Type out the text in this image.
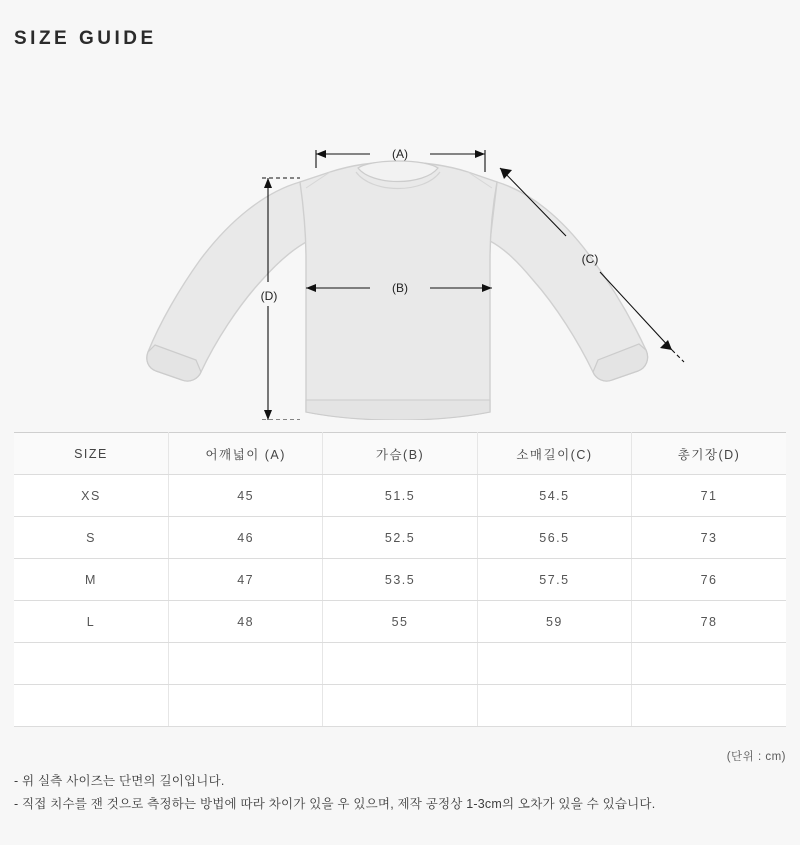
SIZE GUIDE
(A)
(B)
(C)
(D)
SIZE	어깨넓이 (A)	가슴(B)	소매길이(C)	총기장(D)
XS	45	51.5	54.5	71
S	46	52.5	56.5	73
M	47	53.5	57.5	76
L	48	55	59	78

(단위 : cm)
- 위 실측 사이즈는 단면의 길이입니다.
- 직접 치수를 잰 것으로 측정하는 방법에 따라 차이가 있을 우 있으며, 제작 공정상 1-3cm의 오차가 있을 수 있습니다.
